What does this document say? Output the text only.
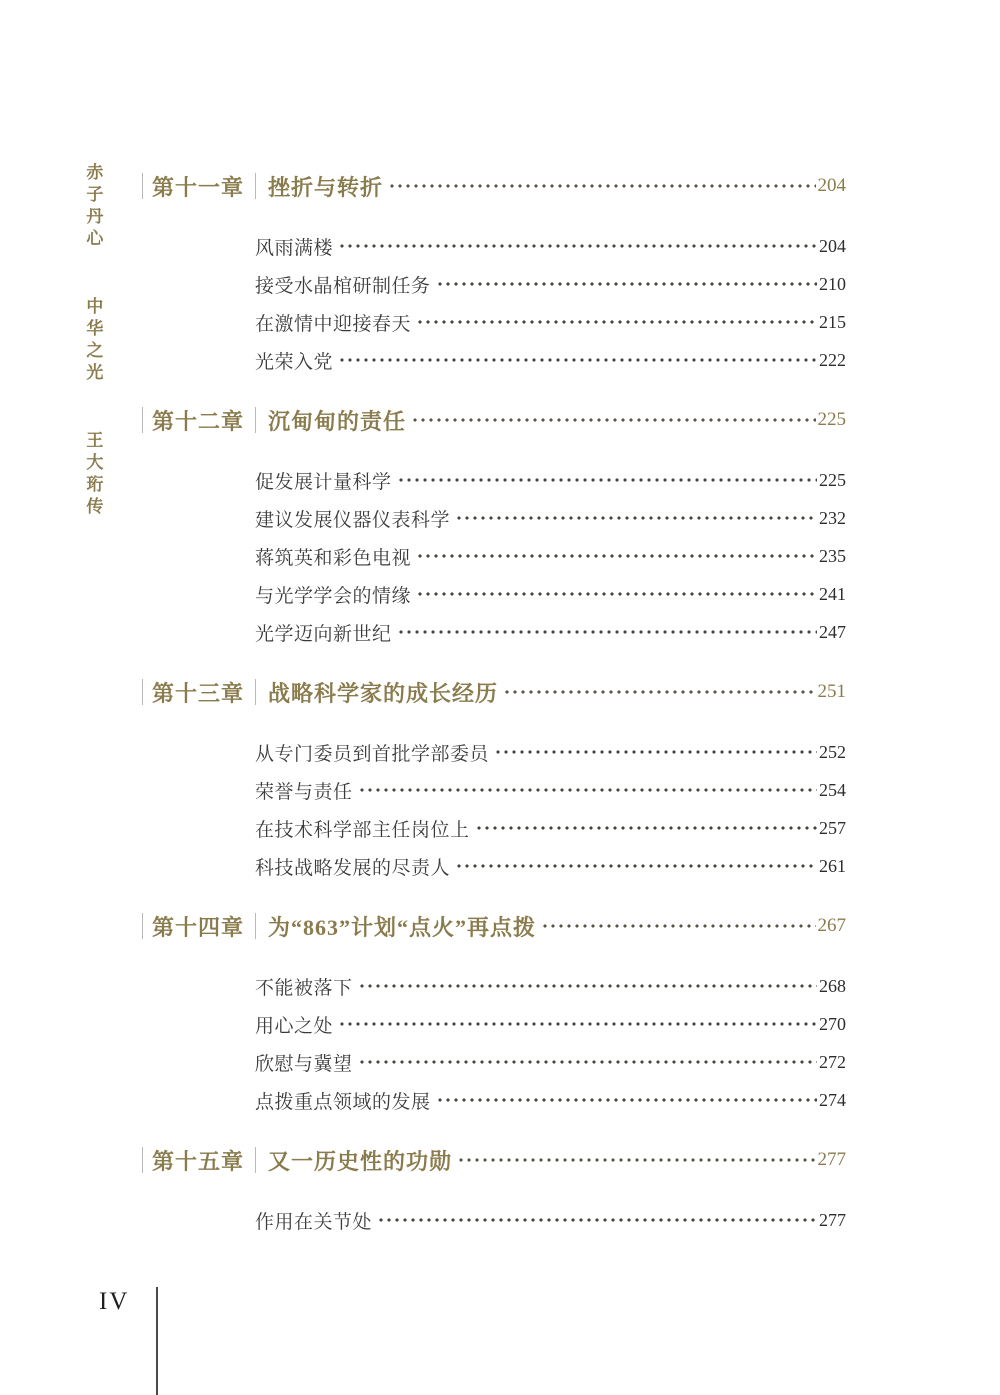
赤子丹心 中华之光 王大珩传
第十一章 挫折与转折	204
风雨满楼	204
接受水晶棺研制任务	210
在激情中迎接春天	215
光荣入党	222
第十二章 沉甸甸的责任	225
促发展计量科学	225
建议发展仪器仪表科学	232
蒋筑英和彩色电视	235
与光学学会的情缘	241
光学迈向新世纪	247
第十三章 战略科学家的成长经历	251
从专门委员到首批学部委员	252
荣誉与责任	254
在技术科学部主任岗位上	257
科技战略发展的尽责人	261
第十四章 为“863”计划“点火”再点拨	267
不能被落下	268
用心之处	270
欣慰与冀望	272
点拨重点领域的发展	274
第十五章 又一历史性的功勋	277
作用在关节处	277
IV
